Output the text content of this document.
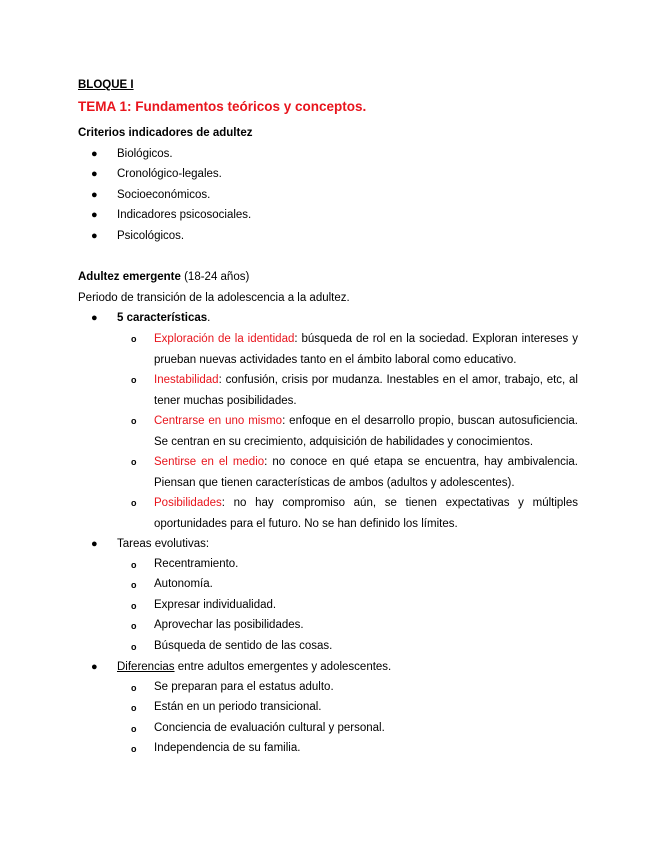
BLOQUE I
TEMA 1: Fundamentos teóricos y conceptos.
Criterios indicadores de adultez
● Biológicos.
● Cronológico-legales.
● Socioeconómicos.
● Indicadores psicosociales.
● Psicológicos.
Adultez emergente (18-24 años)
Periodo de transición de la adolescencia a la adultez.
● 5 características.
o Exploración de la identidad: búsqueda de rol en la sociedad. Exploran intereses y prueban nuevas actividades tanto en el ámbito laboral como educativo.
o Inestabilidad: confusión, crisis por mudanza. Inestables en el amor, trabajo, etc, al tener muchas posibilidades.
o Centrarse en uno mismo: enfoque en el desarrollo propio, buscan autosuficiencia. Se centran en su crecimiento, adquisición de habilidades y conocimientos.
o Sentirse en el medio: no conoce en qué etapa se encuentra, hay ambivalencia. Piensan que tienen características de ambos (adultos y adolescentes).
o Posibilidades: no hay compromiso aún, se tienen expectativas y múltiples oportunidades para el futuro. No se han definido los límites.
● Tareas evolutivas:
o Recentramiento.
o Autonomía.
o Expresar individualidad.
o Aprovechar las posibilidades.
o Búsqueda de sentido de las cosas.
● Diferencias entre adultos emergentes y adolescentes.
o Se preparan para el estatus adulto.
o Están en un periodo transicional.
o Conciencia de evaluación cultural y personal.
o Independencia de su familia.
